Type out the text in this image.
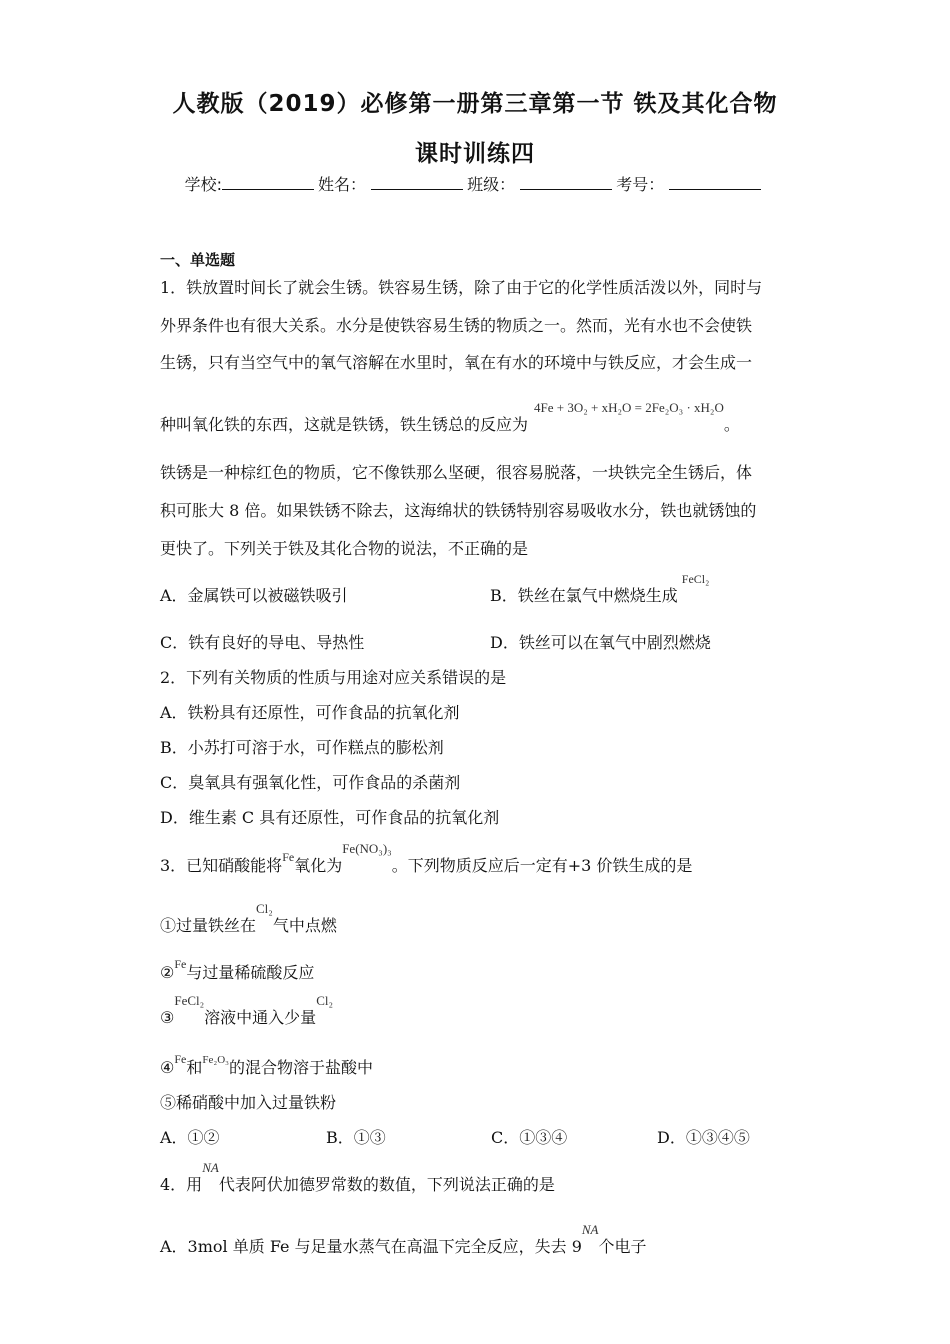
人教版（2019）必修第一册第三章第一节 铁及其化合物
课时训练四
学校:	姓名：	班级：	考号：
一、单选题
1．铁放置时间长了就会生锈。铁容易生锈，除了由于它的化学性质活泼以外，同时与
外界条件也有很大关系。水分是使铁容易生锈的物质之一。然而，光有水也不会使铁
生锈，只有当空气中的氧气溶解在水里时，氧在有水的环境中与铁反应，才会生成一
种叫氧化铁的东西，这就是铁锈，铁生锈总的反应为$^{4Fe + 3O_2 + xH_2O = 2Fe_2O_3 \cdot xH_2O}$。
铁锈是一种棕红色的物质，它不像铁那么坚硬，很容易脱落，一块铁完全生锈后，体
积可胀大 8 倍。如果铁锈不除去，这海绵状的铁锈特别容易吸收水分，铁也就锈蚀的
更快了。下列关于铁及其化合物的说法，不正确的是
A．金属铁可以被磁铁吸引	B．铁丝在氯气中燃烧生成$^{FeCl_2}$
C．铁有良好的导电、导热性	D．铁丝可以在氧气中剧烈燃烧
2．下列有关物质的性质与用途对应关系错误的是
A．铁粉具有还原性，可作食品的抗氧化剂
B．小苏打可溶于水，可作糕点的膨松剂
C．臭氧具有强氧化性，可作食品的杀菌剂
D．维生素 C 具有还原性，可作食品的抗氧化剂
3．已知硝酸能将$^{Fe}$氧化为$^{Fe(NO_3)_3}$。下列物质反应后一定有+3 价铁生成的是
①过量铁丝在$^{Cl_2}$气中点燃
②$^{Fe}$与过量稀硫酸反应
③$^{FeCl_2}$溶液中通入少量$^{Cl_2}$
④$^{Fe}$和$^{Fe_2O_3}$的混合物溶于盐酸中
⑤稀硝酸中加入过量铁粉
A．①②	B．①③	C．①③④	D．①③④⑤
4．用$^{NA}$代表阿伏加德罗常数的数值，下列说法正确的是
A．3mol 单质 Fe 与足量水蒸气在高温下完全反应，失去 $9^{NA}$个电子
